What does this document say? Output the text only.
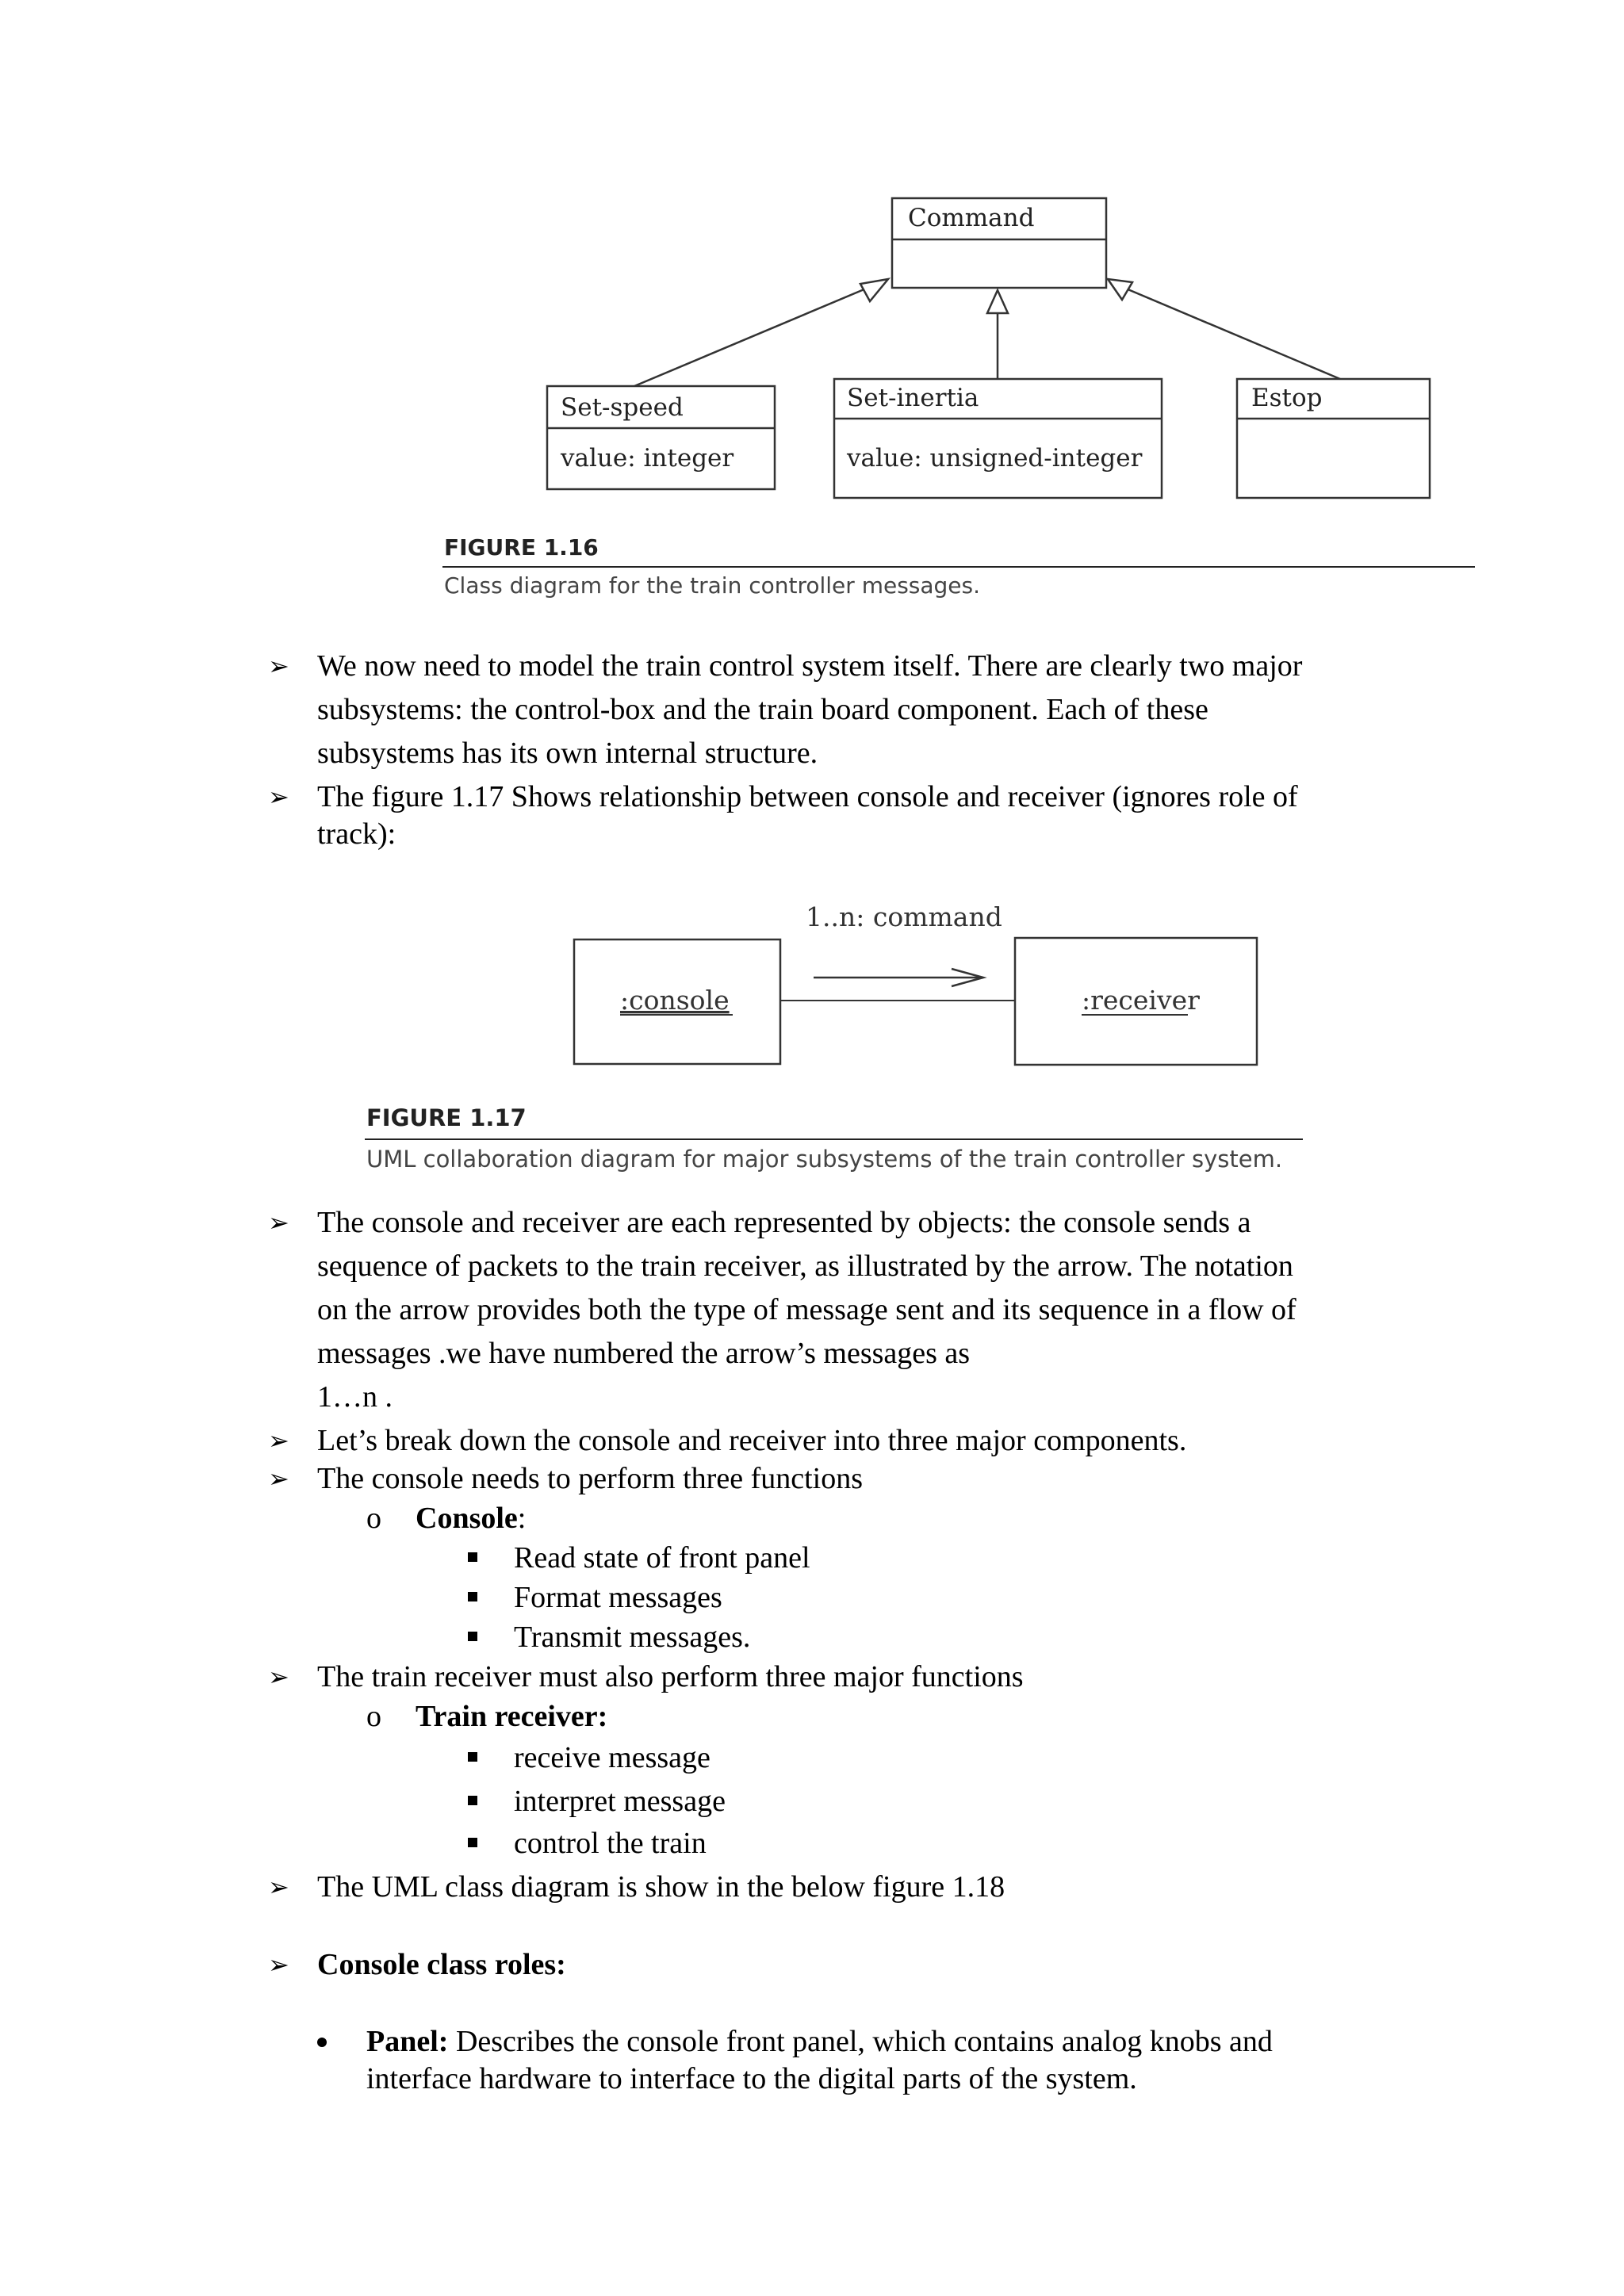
Command
Set-speed
value: integer
Set-inertia
value: unsigned-integer
Estop
FIGURE 1.16
Class diagram for the train controller messages.
1..n: command
:console	:receiver
FIGURE 1.17
UML collaboration diagram for major subsystems of the train controller system.
➢ We now need to model the train control system itself. There are clearly two major
subsystems: the control-box and the train board component. Each of these
subsystems has its own internal structure.
➢ The figure 1.17 Shows relationship between console and receiver (ignores role of
track):
➢ The console and receiver are each represented by objects: the console sends a
sequence of packets to the train receiver, as illustrated by the arrow. The notation
on the arrow provides both the type of message sent and its sequence in a flow of
messages .we have numbered the arrow’s messages as
1…n .
➢ Let’s break down the console and receiver into three major components.
➢ The console needs to perform three functions
o Console:
Read state of front panel
Format messages
Transmit messages.
➢ The train receiver must also perform three major functions
o Train receiver:
receive message
interpret message
control the train
➢ The UML class diagram is show in the below figure 1.18
➢ Console class roles:
Panel: Describes the console front panel, which contains analog knobs and
interface hardware to interface to the digital parts of the system.
